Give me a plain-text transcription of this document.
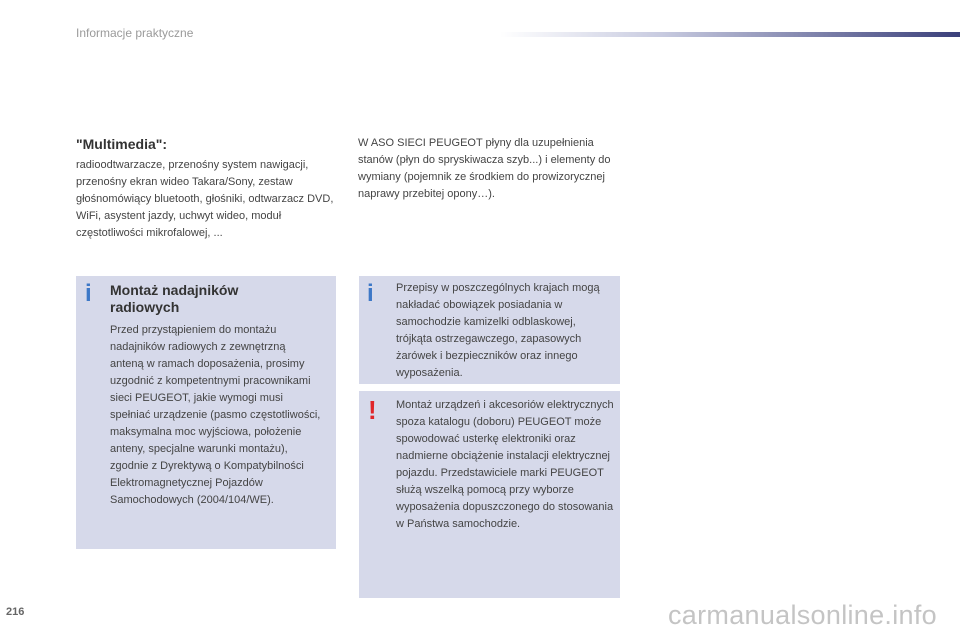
Informacje praktyczne
"Multimedia":
radioodtwarzacze, przenośny system nawigacji, przenośny ekran wideo Takara/Sony, zestaw głośnomówiący bluetooth, głośniki, odtwarzacz DVD, WiFi, asystent jazdy, uchwyt wideo, moduł częstotliwości mikrofalowej, ...
W ASO SIECI PEUGEOT płyny dla uzupełnienia stanów (płyn do spryskiwacza szyb...) i elementy do wymiany (pojemnik ze środkiem do prowizorycznej naprawy przebitej opony…).
i Montaż nadajników radiowych
Przed przystąpieniem do montażu nadajników radiowych z zewnętrzną anteną w ramach doposażenia, prosimy uzgodnić z kompetentnymi pracownikami sieci PEUGEOT, jakie wymogi musi spełniać urządzenie (pasmo częstotliwości, maksymalna moc wyjściowa, położenie anteny, specjalne warunki montażu), zgodnie z Dyrektywą o Kompatybilności Elektromagnetycznej Pojazdów Samochodowych (2004/104/WE).
i Przepisy w poszczególnych krajach mogą nakładać obowiązek posiadania w samochodzie kamizelki odblaskowej, trójkąta ostrzegawczego, zapasowych żarówek i bezpieczników oraz innego wyposażenia.
! Montaż urządzeń i akcesoriów elektrycznych spoza katalogu (doboru) PEUGEOT może spowodować usterkę elektroniki oraz nadmierne obciążenie instalacji elektrycznej pojazdu. Przedstawiciele marki PEUGEOT służą wszelką pomocą przy wyborze wyposażenia dopuszczonego do stosowania w Państwa samochodzie.
216	carmanualsonline.info
